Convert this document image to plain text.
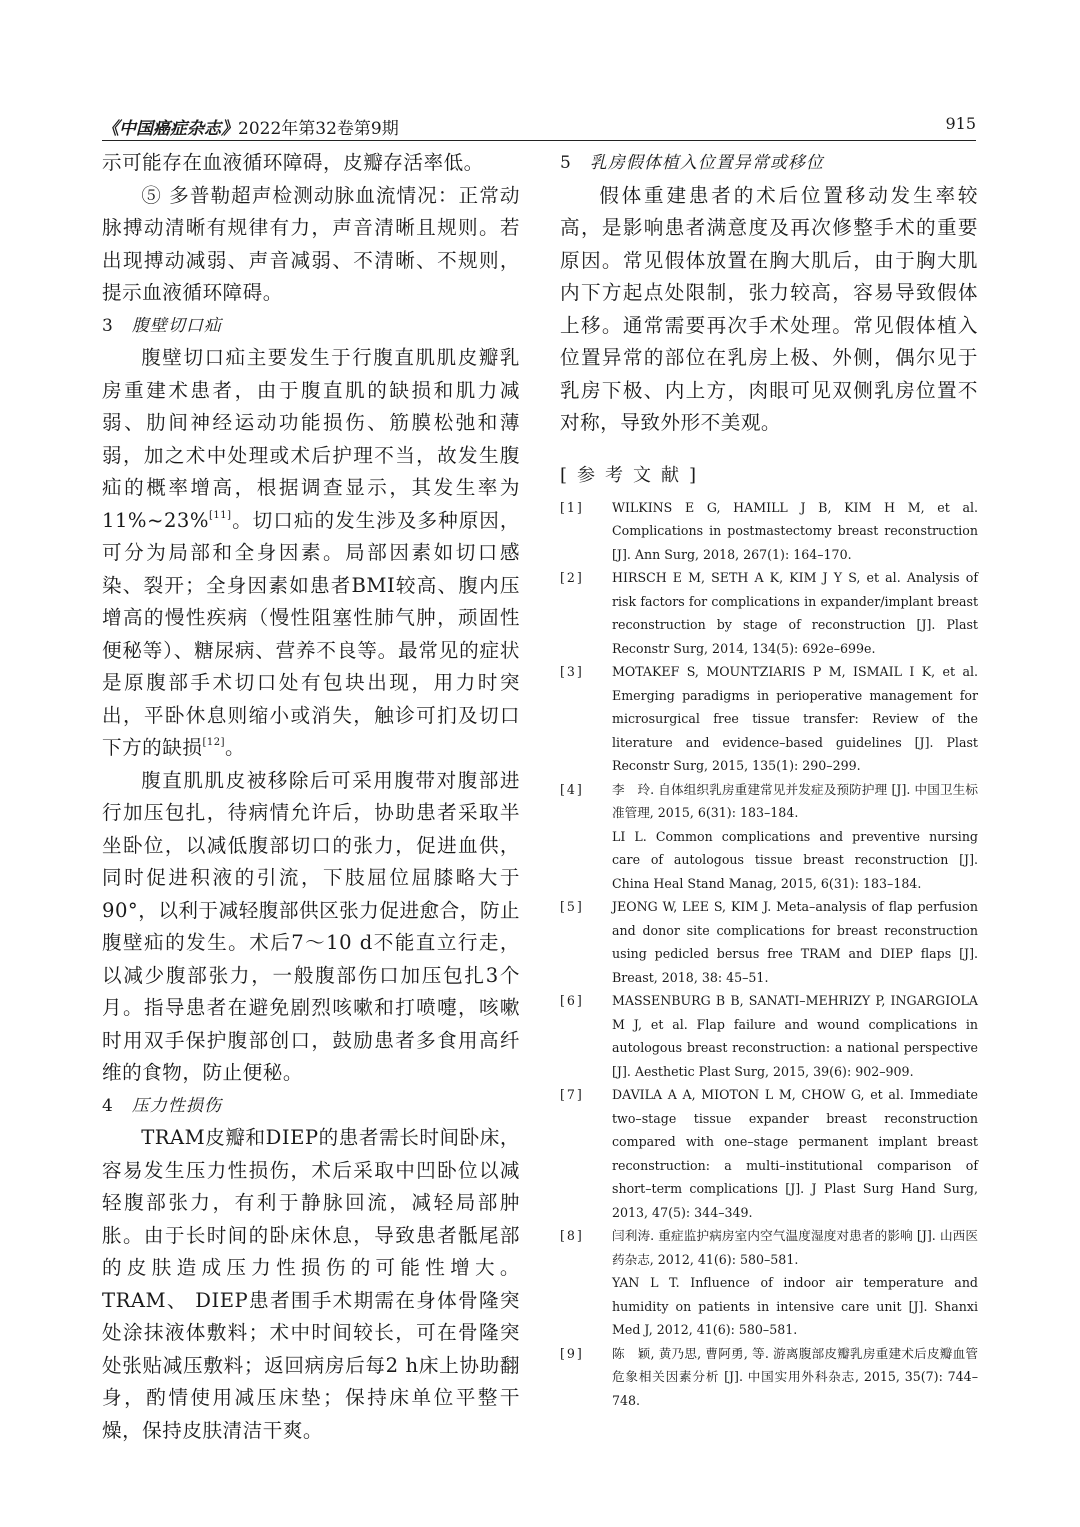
《中国癌症杂志》2022年第32卷第9期	915

示可能存在血液循环障碍，皮瓣存活率低。

⑤ 多普勒超声检测动脉血流情况：正常动脉搏动清晰有规律有力，声音清晰且规则。若出现搏动减弱、声音减弱、不清晰、不规则，提示血液循环障碍。

3 腹壁切口疝

腹壁切口疝主要发生于行腹直肌肌皮瓣乳房重建术患者，由于腹直肌的缺损和肌力减弱、肋间神经运动功能损伤、筋膜松弛和薄弱，加之术中处理或术后护理不当，故发生腹疝的概率增高，根据调查显示，其发生率为11%~23%[11]。切口疝的发生涉及多种原因，可分为局部和全身因素。局部因素如切口感染、裂开；全身因素如患者BMI较高、腹内压增高的慢性疾病（慢性阻塞性肺气肿，顽固性便秘等）、糖尿病、营养不良等。最常见的症状是原腹部手术切口处有包块出现，用力时突出，平卧休息则缩小或消失，触诊可扪及切口下方的缺损[12]。

腹直肌肌皮被移除后可采用腹带对腹部进行加压包扎，待病情允许后，协助患者采取半坐卧位，以减低腹部切口的张力，促进血供，同时促进积液的引流，下肢屈位屈膝略大于90°，以利于减轻腹部供区张力促进愈合，防止腹壁疝的发生。术后7～10 d不能直立行走，以减少腹部张力，一般腹部伤口加压包扎3个月。指导患者在避免剧烈咳嗽和打喷嚏，咳嗽时用双手保护腹部创口，鼓励患者多食用高纤维的食物，防止便秘。

4 压力性损伤

TRAM皮瓣和DIEP的患者需长时间卧床，容易发生压力性损伤，术后采取中凹卧位以减轻腹部张力，有利于静脉回流，减轻局部肿胀。由于长时间的卧床休息，导致患者骶尾部的皮肤造成压力性损伤的可能性增大。TRAM、 DIEP患者围手术期需在身体骨隆突处涂抹液体敷料；术中时间较长，可在骨隆突处张贴减压敷料；返回病房后每2 h床上协助翻身，酌情使用减压床垫；保持床单位平整干燥，保持皮肤清洁干爽。

5 乳房假体植入位置异常或移位

假体重建患者的术后位置移动发生率较高，是影响患者满意度及再次修整手术的重要原因。常见假体放置在胸大肌后，由于胸大肌内下方起点处限制，张力较高，容易导致假体上移。通常需要再次手术处理。常见假体植入位置异常的部位在乳房上极、外侧，偶尔见于乳房下极、内上方，肉眼可见双侧乳房位置不对称，导致外形不美观。

[参考文献]

[1] WILKINS E G, HAMILL J B, KIM H M, et al. Complications in postmastectomy breast reconstruction [J]. Ann Surg, 2018, 267(1): 164–170.

[2] HIRSCH E M, SETH A K, KIM J Y S, et al. Analysis of risk factors for complications in expander/implant breast reconstruction by stage of reconstruction [J]. Plast Reconstr Surg, 2014, 134(5): 692e–699e.

[3] MOTAKEF S, MOUNTZIARIS P M, ISMAIL I K, et al. Emerging paradigms in perioperative management for microsurgical free tissue transfer: Review of the literature and evidence–based guidelines [J]. Plast Reconstr Surg, 2015, 135(1): 290–299.

[4] 李　玲. 自体组织乳房重建常见并发症及预防护理 [J]. 中国卫生标准管理, 2015, 6(31): 183–184.
LI L. Common complications and preventive nursing care of autologous tissue breast reconstruction [J]. China Heal Stand Manag, 2015, 6(31): 183–184.

[5] JEONG W, LEE S, KIM J. Meta–analysis of flap perfusion and donor site complications for breast reconstruction using pedicled bersus free TRAM and DIEP flaps [J]. Breast, 2018, 38: 45–51.

[6] MASSENBURG B B, SANATI–MEHRIZY P, INGARGIOLA M J, et al. Flap failure and wound complications in autologous breast reconstruction: a national perspective [J]. Aesthetic Plast Surg, 2015, 39(6): 902–909.

[7] DAVILA A A, MIOTON L M, CHOW G, et al. Immediate two–stage tissue expander breast reconstruction compared with one–stage permanent implant breast reconstruction: a multi–institutional comparison of short–term complications [J]. J Plast Surg Hand Surg, 2013, 47(5): 344–349.

[8] 闫利涛. 重症监护病房室内空气温度湿度对患者的影响 [J]. 山西医药杂志, 2012, 41(6): 580–581.
YAN L T. Influence of indoor air temperature and humidity on patients in intensive care unit [J]. Shanxi Med J, 2012, 41(6): 580–581.

[9] 陈　颖, 黄乃思, 曹阿勇, 等. 游离腹部皮瓣乳房重建术后皮瓣血管危象相关因素分析 [J]. 中国实用外科杂志, 2015, 35(7): 744–748.
